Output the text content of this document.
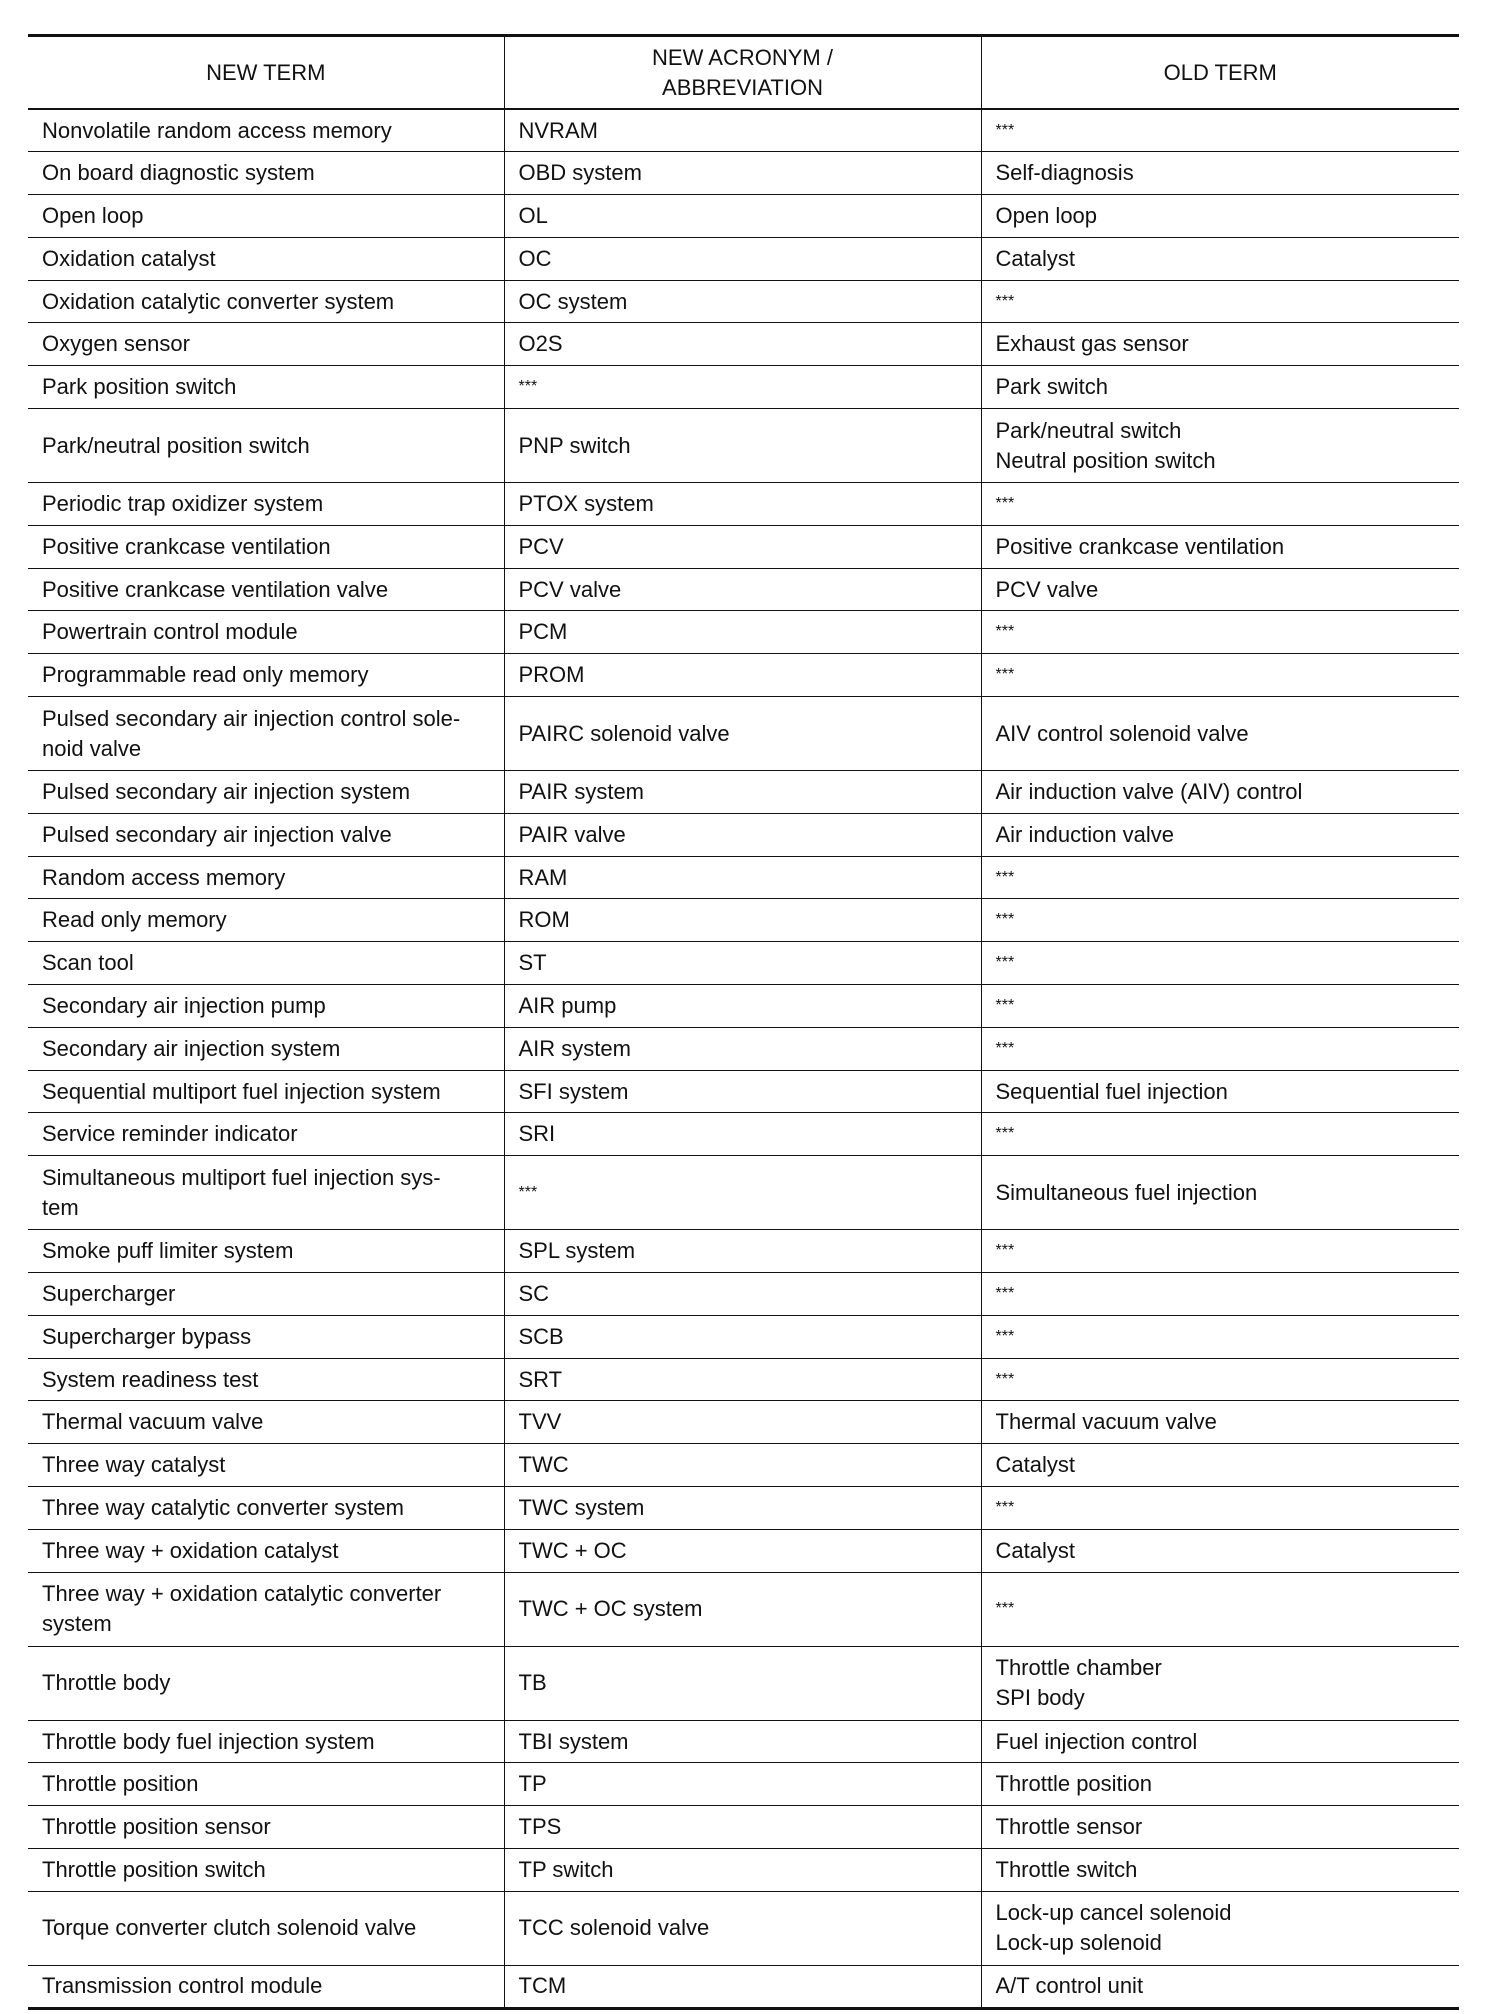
NEW TERM	NEW ACRONYM /
ABBREVIATION	OLD TERM

Nonvolatile random access memory	NVRAM	***

On board diagnostic system	OBD system	Self-diagnosis

Open loop	OL	Open loop

Oxidation catalyst	OC	Catalyst

Oxidation catalytic converter system	OC system	***

Oxygen sensor	O2S	Exhaust gas sensor

Park position switch	***	Park switch

Park/neutral position switch	PNP switch	Park/neutral switch
Neutral position switch

Periodic trap oxidizer system	PTOX system	***

Positive crankcase ventilation	PCV	Positive crankcase ventilation

Positive crankcase ventilation valve	PCV valve	PCV valve

Powertrain control module	PCM	***

Programmable read only memory	PROM	***

Pulsed secondary air injection control sole-
noid valve	PAIRC solenoid valve	AIV control solenoid valve

Pulsed secondary air injection system	PAIR system	Air induction valve (AIV) control

Pulsed secondary air injection valve	PAIR valve	Air induction valve

Random access memory	RAM	***

Read only memory	ROM	***

Scan tool	ST	***

Secondary air injection pump	AIR pump	***

Secondary air injection system	AIR system	***

Sequential multiport fuel injection system	SFI system	Sequential fuel injection

Service reminder indicator	SRI	***

Simultaneous multiport fuel injection sys-
tem	***	Simultaneous fuel injection

Smoke puff limiter system	SPL system	***

Supercharger	SC	***

Supercharger bypass	SCB	***

System readiness test	SRT	***

Thermal vacuum valve	TVV	Thermal vacuum valve

Three way catalyst	TWC	Catalyst

Three way catalytic converter system	TWC system	***

Three way + oxidation catalyst	TWC + OC	Catalyst

Three way + oxidation catalytic converter
system	TWC + OC system	***

Throttle body	TB	Throttle chamber
SPI body

Throttle body fuel injection system	TBI system	Fuel injection control

Throttle position	TP	Throttle position

Throttle position sensor	TPS	Throttle sensor

Throttle position switch	TP switch	Throttle switch

Torque converter clutch solenoid valve	TCC solenoid valve	Lock-up cancel solenoid
Lock-up solenoid

Transmission control module	TCM	A/T control unit
